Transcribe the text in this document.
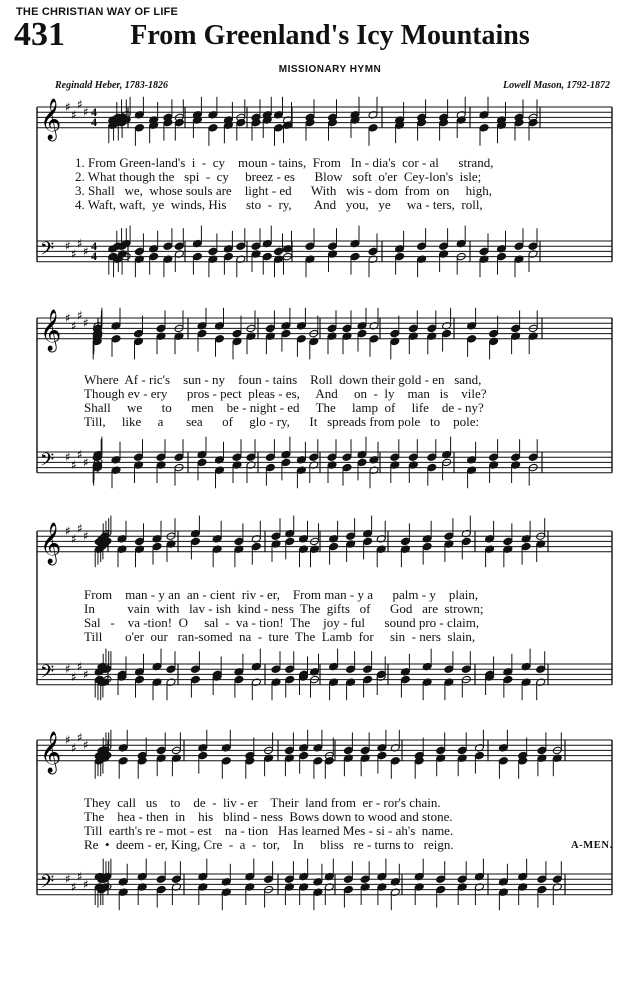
THE CHRISTIAN WAY OF LIFE
431	From Greenland's Icy Mountains
MISSIONARY HYMN
Reginald Heber, 1783-1826	Lowell Mason, 1792-1872
𝄞
𝄢
♯
♯
♯
♯
♯
♯
♯
♯
4
4
4
4
𝄞
𝄢
♯
♯
♯
♯
♯
♯
♯
♯
𝄞
𝄢
♯
♯
♯
♯
♯
♯
♯
♯
𝄞
𝄢
♯
♯
♯
♯
♯
♯
♯
♯
1. From Green-land's  i  -  cy    moun - tains,  From   In - dia's  cor - al      strand,
2. What though the   spi  -  cy     breez - es      Blow   soft  o'er  Cey-lon's  isle;
3. Shall   we,  whose souls are    light - ed      With   wis - dom  from  on     high,
4. Waft, waft,  ye  winds, His      sto  -  ry,       And   you,   ye     wa - ters,  roll,
Where  Af - ric's    sun - ny    foun - tains    Roll  down their gold - en   sand,
Though ev - ery      pros - pect  pleas - es,     And     on  -  ly    man   is    vile?
Shall     we      to      men    be - night - ed     The     lamp  of     life    de - ny?
Till,     like     a       sea      of     glo - ry,      It   spreads from pole   to    pole:
From    man - y an  an - cient  riv - er,    From man - y a      palm - y    plain,
In          vain  with   lav - ish  kind - ness  The  gifts   of      God   are  strown;
Sal   -    va -tion!  O     sal  -  va - tion!  The    joy - ful      sound pro - claim,
Till       o'er  our   ran-somed  na  -  ture  The  Lamb  for     sin  - ners  slain,
They  call   us    to    de  -  liv - er    Their  land from  er - ror's chain.
The    hea - then  in    his   blind - ness  Bows down to wood and stone.
Till  earth's re - mot - est    na - tion   Has learned Mes - si - ah's  name.
Re  •  deem - er, King, Cre  -  a  -  tor,    In     bliss   re - turns to   reign.	A-MEN.
